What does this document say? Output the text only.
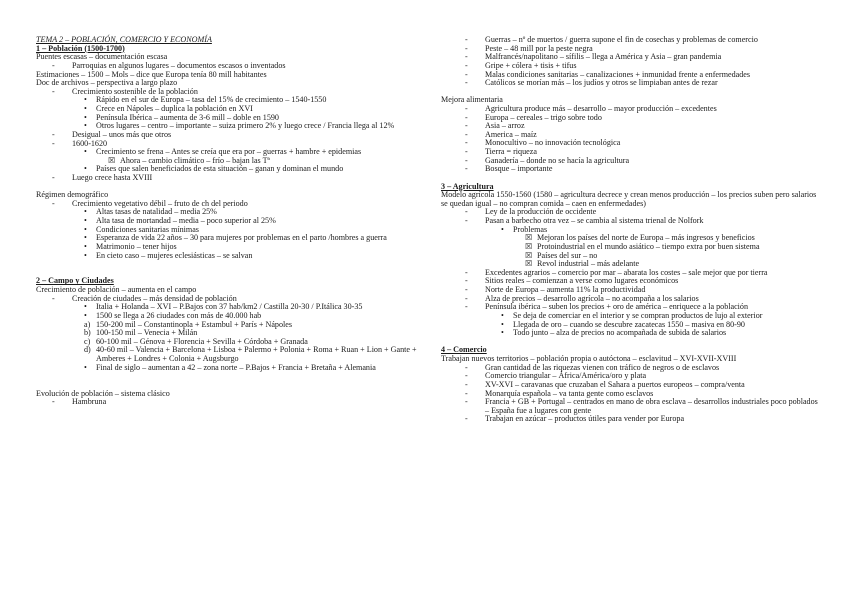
TEMA 2 – POBLACIÓN, COMERCIO Y ECONOMÍA
1 – Población (1500-1700)
Puentes escasas – documentación escasa
- Parroquias en algunos lugares – documentos escasos o inventados
Estimaciones – 1500 – Mols – dice que Europa tenía 80 mill habitantes
Doc de archivos – perspectiva a largo plazo
- Crecimiento sostenible de la población
• Rápido en el sur de Europa – tasa del 15% de crecimiento – 1540-1550
• Crece en Nápoles – duplica la población en XVI
• Península Ibérica – aumenta de 3-6 mill – doble en 1590
• Otros lugares – centro – importante – suiza primero 2% y luego crece / Francia llega al 12%
- Desigual – unos más que otros
- 1600-1620
• Crecimiento se frena – Antes se creía que era por – guerras + hambre + epidemias
☒ Ahora – cambio climático – frío – bajan las Tª
• Países que salen beneficiados de esta situación – ganan y dominan el mundo
- Luego crece hasta XVIII
Régimen demográfico
- Crecimiento vegetativo débil – fruto de ch del periodo
• Altas tasas de natalidad – media 25%
• Alta tasa de mortandad – media – poco superior al 25%
• Condiciones sanitarias mínimas
• Esperanza de vida 22 años – 30 para mujeres por problemas en el parto /hombres a guerra
• Matrimonio – tener hijos
• En cieto caso – mujeres eclesiásticas – se salvan
2 – Campo y Ciudades
Crecimiento de población – aumenta en el campo
- Creación de ciudades – más densidad de población
• Italia + Holanda – XVI – P.Bajos con 37 hab/km2 / Castilla 20-30 / P.Itálica 30-35
• 1500 se llega a 26 ciudades con más de 40.000 hab
a) 150-200 mil – Constantinopla + Estambul + París + Nápoles
b) 100-150 mil – Venecia + Milán
c) 60-100 mil – Génova + Florencia + Sevilla + Córdoba + Granada
d) 40-60 mil – Valencia + Barcelona + Lisboa + Palermo + Polonia + Roma + Ruan + Lion + Gante + Amberes + Londres + Colonia + Augsburgo
• Final de siglo – aumentan a 42 – zona norte – P.Bajos + Francia + Bretaña + Alemania
Evolución de población – sistema clásico
- Hambruna
- Guerras – nº de muertos / guerra supone el fin de cosechas y problemas de comercio
- Peste – 48 mill por la peste negra
- Malfrancés/napolitano – sífilis – llega a América y Asia – gran pandemia
- Gripe + cólera + tisis + tifus
- Malas condiciones sanitarias – canalizaciones + inmunidad frente a enfermedades
- Católicos se morían más – los judíos y otros se limpiaban antes de rezar
Mejora alimentaria
- Agricultura produce más – desarrollo – mayor producción – excedentes
- Europa – cereales – trigo sobre todo
- Asia – arroz
- America – maíz
- Monocultivo – no innovación tecnológica
- Tierra = riqueza
- Ganadería – donde no se hacía la agricultura
- Bosque – importante
3 – Agricultura
Modelo agrícola 1550-1560 (1580 – agricultura decrece y crean menos producción – los precios suben pero salarios se quedan igual – no compran comida – caen en enfermedades)
- Ley de la producción de occidente
- Pasan a barbecho otra vez – se cambia al sistema trienal de Nolfork
• Problemas
☒ Mejoran los países del norte de Europa – más ingresos y beneficios
☒ Protoindustrial en el mundo asiático – tiempo extra por buen sistema
☒ Países del sur – no
☒ Revol industrial – más adelante
- Excedentes agrarios – comercio por mar – abarata los costes – sale mejor que por tierra
- Sitios reales – comienzan a verse como lugares económicos
- Norte de Europa – aumenta 11% la productividad
- Alza de precios – desarrollo agrícola – no acompaña a los salarios
- Península ibérica – suben los precios + oro de américa – enriquece a la población
• Se deja de comerciar en el interior y se compran productos de lujo al exterior
• Llegada de oro – cuando se descubre zacatecas 1550 – masiva en 80-90
• Todo junto – alza de precios no acompañada de subida de salarios
4 – Comercio
Trabajan nuevos territorios – población propia o autóctona – esclavitud – XVI-XVII-XVIII
- Gran cantidad de las riquezas vienen con tráfico de negros o de esclavos
- Comercio triangular – África/América/oro y plata
- XV-XVI – caravanas que cruzaban el Sahara a puertos europeos – compra/venta
- Monarquía española – va tanta gente como esclavos
- Francia + GB + Portugal – centrados en mano de obra esclava – desarrollos industriales poco poblados – España fue a lugares con gente
- Trabajan en azúcar – productos útiles para vender por Europa
